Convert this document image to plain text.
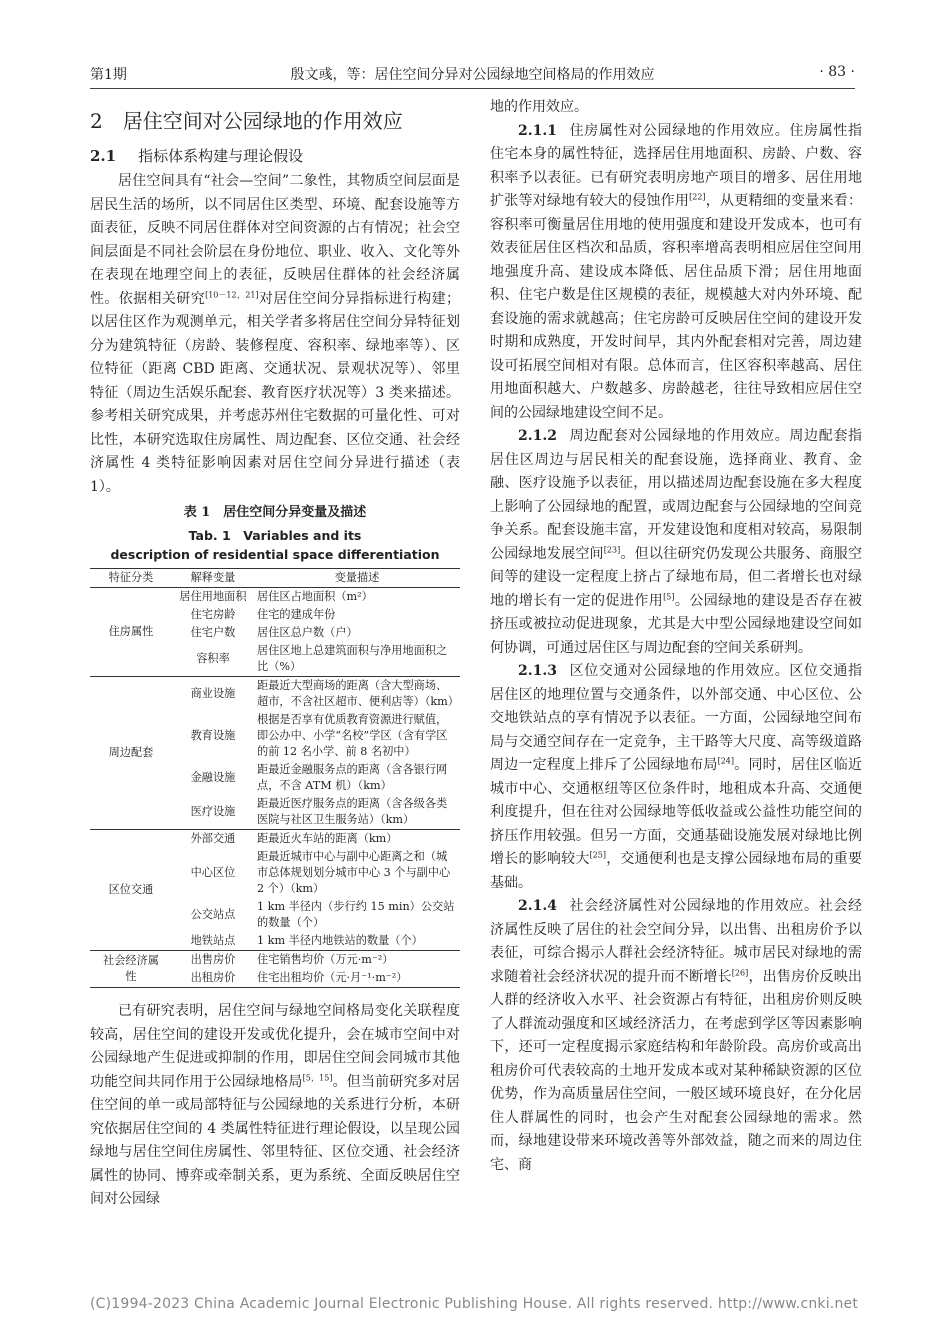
第1期	殷文彧，等：居住空间分异对公园绿地空间格局的作用效应	· 83 ·
2 居住空间对公园绿地的作用效应
2.1 指标体系构建与理论假设

居住空间具有“社会—空间”二象性，其物质空间层面是居民生活的场所，以不同居住区类型、环境、配套设施等方面表征，反映不同居住群体对空间资源的占有情况；社会空间层面是不同社会阶层在身份地位、职业、收入、文化等外在表现在地理空间上的表征，反映居住群体的社会经济属性。依据相关研究[10－12，21]对居住空间分异指标进行构建；以居住区作为观测单元，相关学者多将居住空间分异特征划分为建筑特征（房龄、装修程度、容积率、绿地率等）、区位特征（距离 CBD 距离、交通状况、景观状况等）、邻里特征（周边生活娱乐配套、教育医疗状况等）3 类来描述。参考相关研究成果，并考虑苏州住宅数据的可量化性、可对比性，本研究选取住房属性、周边配套、区位交通、社会经济属性 4 类特征影响因素对居住空间分异进行描述（表 1）。

表 1　居住空间分异变量及描述
Tab. 1　Variables and its
description of residential space differentiation
特征分类	解释变量	变量描述
住房属性	居住用地面积	居住区占地面积（m²）
	住宅房龄	住宅的建成年份
	住宅户数	居住区总户数（户）
	容积率	居住区地上总建筑面积与净用地面积之比（%）
周边配套	商业设施	距最近大型商场的距离（含大型商场、超市，不含社区超市、便利店等）（km）
	教育设施	根据是否享有优质教育资源进行赋值，即公办中、小学“名校”学区（含有学区的前 12 名小学、前 8 名初中）
	金融设施	距最近金融服务点的距离（含各银行网点，不含 ATM 机）（km）
	医疗设施	距最近医疗服务点的距离（含各级各类医院与社区卫生服务站）（km）
区位交通	外部交通	距最近火车站的距离（km）
	中心区位	距最近城市中心与副中心距离之和（城市总体规划划分城市中心 3 个与副中心 2 个）（km）
	公交站点	1 km 半径内（步行约 15 min）公交站的数量（个）
	地铁站点	1 km 半径内地铁站的数量（个）
社会经济属性	出售房价	住宅销售均价（万元·m⁻²）
	出租房价	住宅出租均价（元·月⁻¹·m⁻²）

已有研究表明，居住空间与绿地空间格局变化关联程度较高，居住空间的建设开发或优化提升，会在城市空间中对公园绿地产生促进或抑制的作用，即居住空间会同城市其他功能空间共同作用于公园绿地格局[5，15]。但当前研究多对居住空间的单一或局部特征与公园绿地的关系进行分析，本研究依据居住空间的 4 类属性特征进行理论假设，以呈现公园绿地与居住空间住房属性、邻里特征、区位交通、社会经济属性的协同、博弈或牵制关系，更为系统、全面反映居住空间对公园绿

地的作用效应。

2.1.1 住房属性对公园绿地的作用效应。住房属性指住宅本身的属性特征，选择居住用地面积、房龄、户数、容积率予以表征。已有研究表明房地产项目的增多、居住用地扩张等对绿地有较大的侵蚀作用[22]，从更精细的变量来看：容积率可衡量居住用地的使用强度和建设开发成本，也可有效表征居住区档次和品质，容积率增高表明相应居住空间用地强度升高、建设成本降低、居住品质下滑；居住用地面积、住宅户数是住区规模的表征，规模越大对内外环境、配套设施的需求就越高；住宅房龄可反映居住空间的建设开发时期和成熟度，开发时间早，其内外配套相对完善，周边建设可拓展空间相对有限。总体而言，住区容积率越高、居住用地面积越大、户数越多、房龄越老，往往导致相应居住空间的公园绿地建设空间不足。

2.1.2 周边配套对公园绿地的作用效应。周边配套指居住区周边与居民相关的配套设施，选择商业、教育、金融、医疗设施予以表征，用以描述周边配套设施在多大程度上影响了公园绿地的配置，或周边配套与公园绿地的空间竞争关系。配套设施丰富，开发建设饱和度相对较高，易限制公园绿地发展空间[23]。但以往研究仍发现公共服务、商服空间等的建设一定程度上挤占了绿地布局，但二者增长也对绿地的增长有一定的促进作用[5]。公园绿地的建设是否存在被挤压或被拉动促进现象，尤其是大中型公园绿地建设空间如何协调，可通过居住区与周边配套的空间关系研判。

2.1.3 区位交通对公园绿地的作用效应。区位交通指居住区的地理位置与交通条件，以外部交通、中心区位、公交地铁站点的享有情况予以表征。一方面，公园绿地空间布局与交通空间存在一定竞争，主干路等大尺度、高等级道路周边一定程度上排斥了公园绿地布局[24]。同时，居住区临近城市中心、交通枢纽等区位条件时，地租成本升高、交通便利度提升，但在往对公园绿地等低收益或公益性功能空间的挤压作用较强。但另一方面，交通基础设施发展对绿地比例增长的影响较大[25]，交通便利也是支撑公园绿地布局的重要基础。

2.1.4 社会经济属性对公园绿地的作用效应。社会经济属性反映了居住的社会空间分异，以出售、出租房价予以表征，可综合揭示人群社会经济特征。城市居民对绿地的需求随着社会经济状况的提升而不断增长[26]，出售房价反映出人群的经济收入水平、社会资源占有特征，出租房价则反映了人群流动强度和区域经济活力，在考虑到学区等因素影响下，还可一定程度揭示家庭结构和年龄阶段。高房价或高出租房价可代表较高的土地开发成本或对某种稀缺资源的区位优势，作为高质量居住空间，一般区域环境良好，在分化居住人群属性的同时，也会产生对配套公园绿地的需求。然而，绿地建设带来环境改善等外部效益，随之而来的周边住宅、商

(C)1994-2023 China Academic Journal Electronic Publishing House. All rights reserved. http://www.cnki.net
